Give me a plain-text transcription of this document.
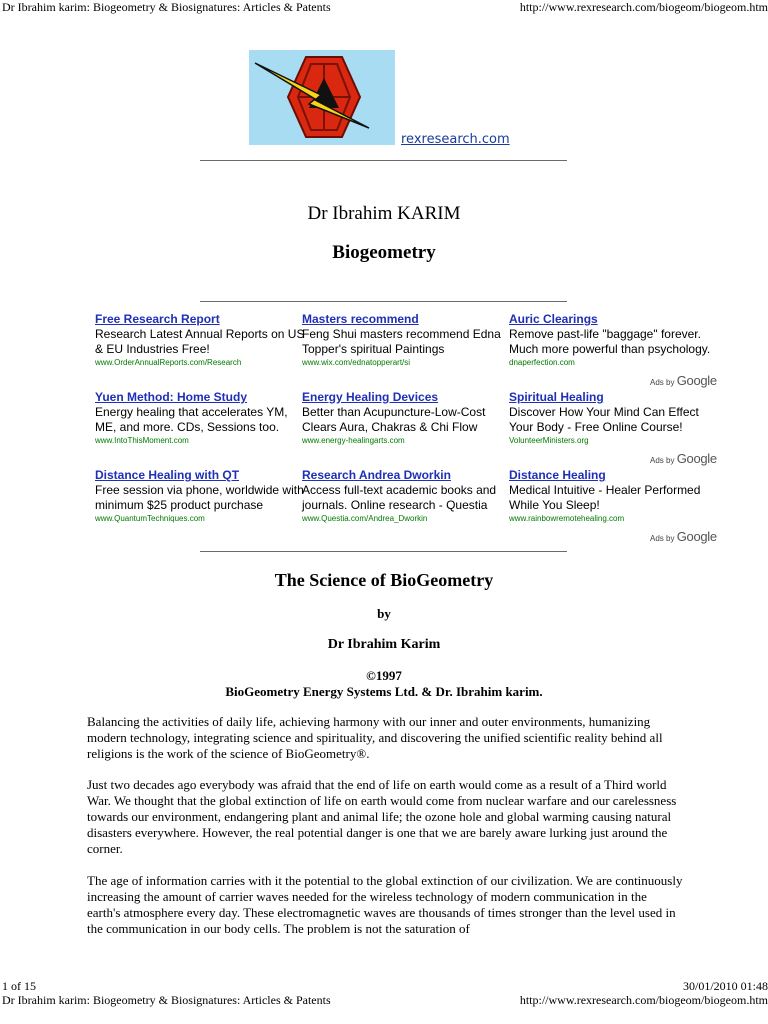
Dr Ibrahim karim: Biogeometry & Biosignatures: Articles & Patents	http://www.rexresearch.com/biogeom/biogeom.htm
rexresearch.com
Dr Ibrahim KARIM
Biogeometry
Free Research Report
Research Latest Annual Reports on US & EU Industries Free!
www.OrderAnnualReports.com/Research
Masters recommend
Feng Shui masters recommend Edna Topper's spiritual Paintings
www.wix.com/ednatopperart/si
Auric Clearings
Remove past-life "baggage" forever. Much more powerful than psychology.
dnaperfection.com
Ads by Google
Yuen Method: Home Study
Energy healing that accelerates YM, ME, and more. CDs, Sessions too.
www.IntoThisMoment.com
Energy Healing Devices
Better than Acupuncture-Low-Cost Clears Aura, Chakras & Chi Flow
www.energy-healingarts.com
Spiritual Healing
Discover How Your Mind Can Effect Your Body - Free Online Course!
VolunteerMinisters.org
Ads by Google
Distance Healing with QT
Free session via phone, worldwide with minimum $25 product purchase
www.QuantumTechniques.com
Research Andrea Dworkin
Access full-text academic books and journals. Online research - Questia
www.Questia.com/Andrea_Dworkin
Distance Healing
Medical Intuitive - Healer Performed While You Sleep!
www.rainbowremotehealing.com
Ads by Google
The Science of BioGeometry
by
Dr Ibrahim Karim
©1997
BioGeometry Energy Systems Ltd. & Dr. Ibrahim karim.
Balancing the activities of daily life, achieving harmony with our inner and outer environments, humanizing modern technology, integrating science and spirituality, and discovering the unified scientific reality behind all religions is the work of the science of BioGeometry®.
Just two decades ago everybody was afraid that the end of life on earth would come as a result of a Third world War. We thought that the global extinction of life on earth would come from nuclear warfare and our carelessness towards our environment, endangering plant and animal life; the ozone hole and global warming causing natural disasters everywhere. However, the real potential danger is one that we are barely aware lurking just around the corner.
The age of information carries with it the potential to the global extinction of our civilization. We are continuously increasing the amount of carrier waves needed for the wireless technology of modern communication in the earth's atmosphere every day. These electromagnetic waves are thousands of times stronger than the level used in the communication in our body cells. The problem is not the saturation of
1 of 15	30/01/2010 01:48
Dr Ibrahim karim: Biogeometry & Biosignatures: Articles & Patents	http://www.rexresearch.com/biogeom/biogeom.htm
